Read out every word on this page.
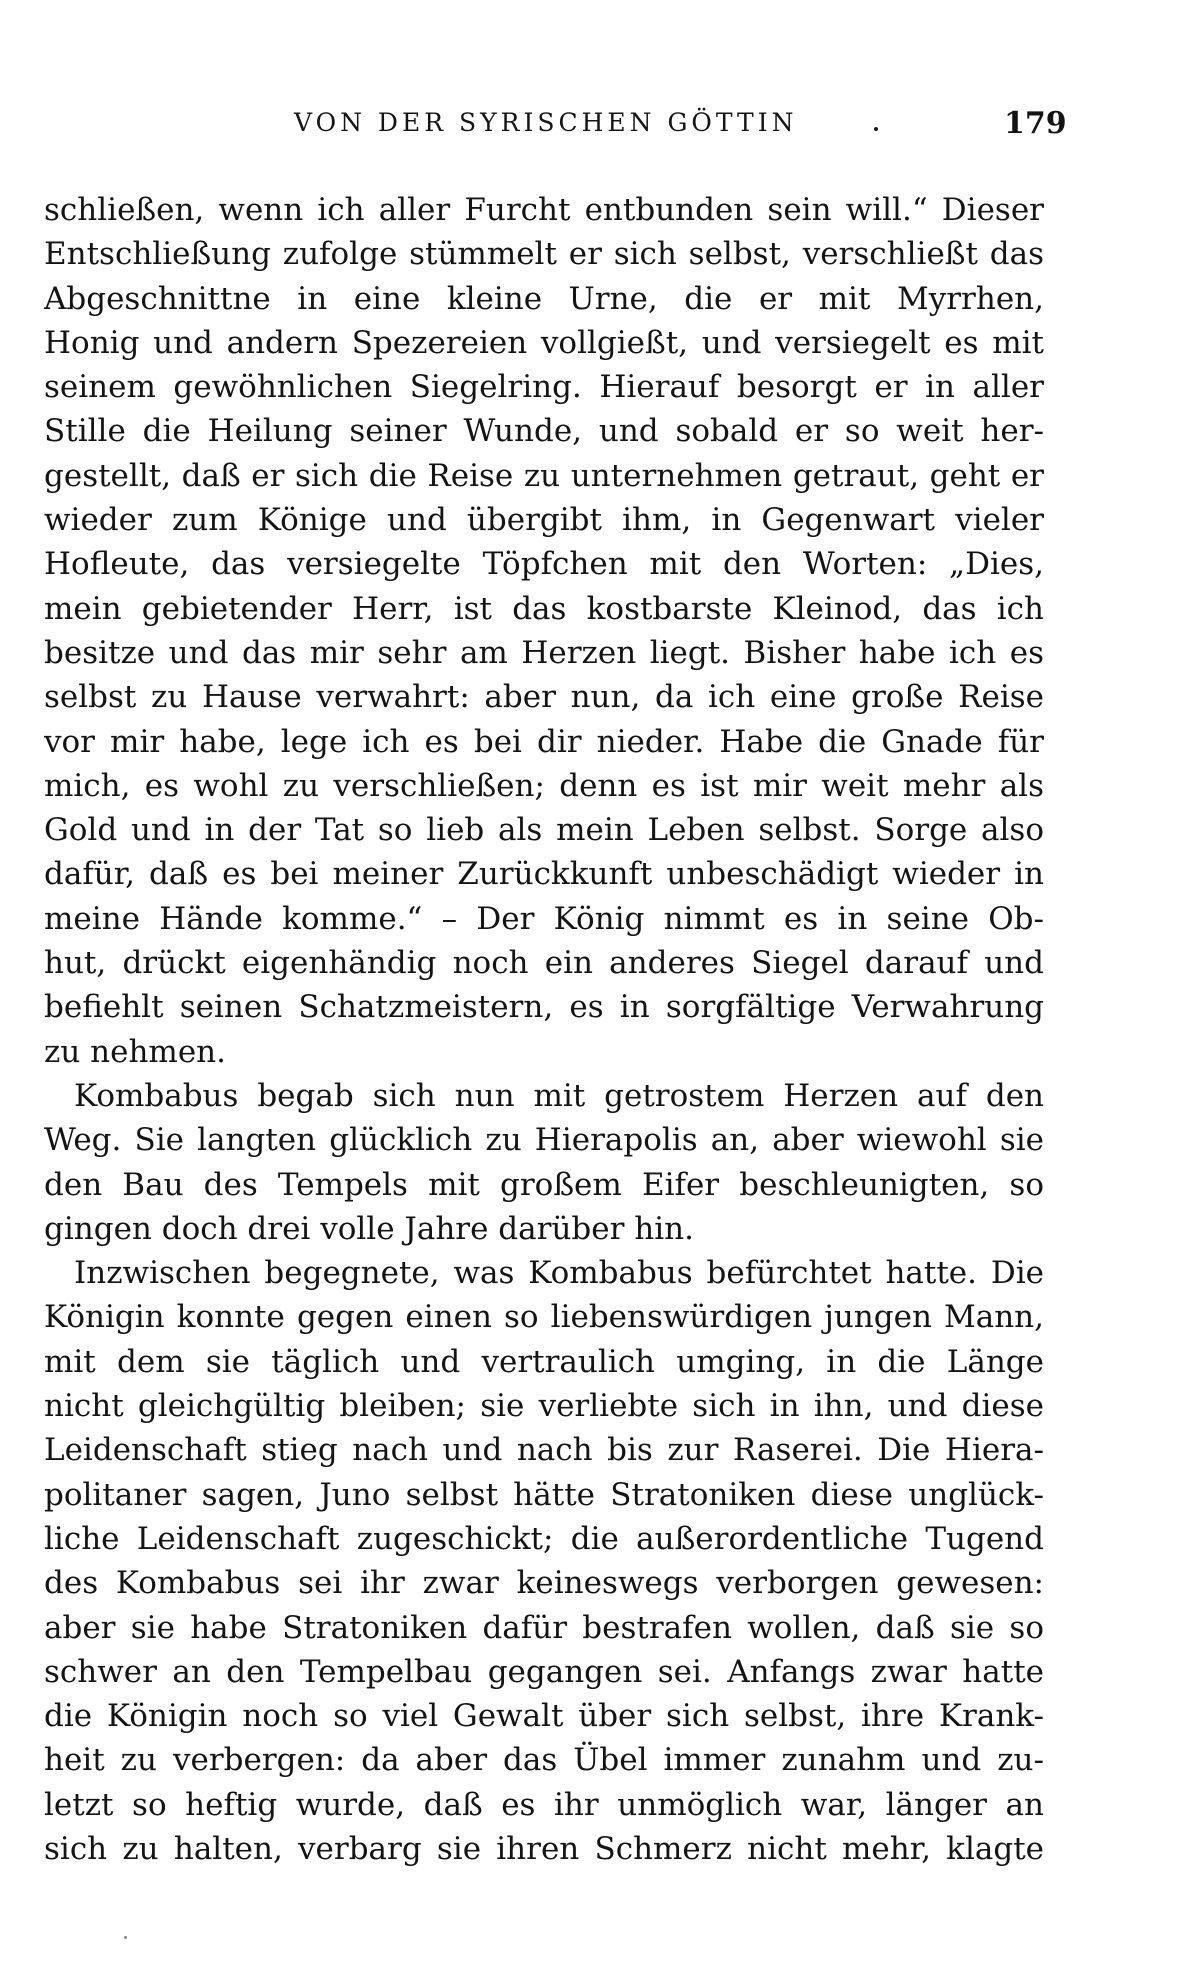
VON DER SYRISCHEN GÖTTIN	179
schließen, wenn ich aller Furcht entbunden sein will.“ Dieser
Entschließung zufolge stümmelt er sich selbst, verschließt das
Abgeschnittne in eine kleine Urne, die er mit Myrrhen,
Honig und andern Spezereien vollgießt, und versiegelt es mit
seinem gewöhnlichen Siegelring. Hierauf besorgt er in aller
Stille die Heilung seiner Wunde, und sobald er so weit her-
gestellt, daß er sich die Reise zu unternehmen getraut, geht er
wieder zum Könige und übergibt ihm, in Gegenwart vieler
Hofleute, das versiegelte Töpfchen mit den Worten: „Dies,
mein gebietender Herr, ist das kostbarste Kleinod, das ich
besitze und das mir sehr am Herzen liegt. Bisher habe ich es
selbst zu Hause verwahrt: aber nun, da ich eine große Reise
vor mir habe, lege ich es bei dir nieder. Habe die Gnade für
mich, es wohl zu verschließen; denn es ist mir weit mehr als
Gold und in der Tat so lieb als mein Leben selbst. Sorge also
dafür, daß es bei meiner Zurückkunft unbeschädigt wieder in
meine Hände komme.“ – Der König nimmt es in seine Ob-
hut, drückt eigenhändig noch ein anderes Siegel darauf und
befiehlt seinen Schatzmeistern, es in sorgfältige Verwahrung
zu nehmen.
Kombabus begab sich nun mit getrostem Herzen auf den
Weg. Sie langten glücklich zu Hierapolis an, aber wiewohl sie
den Bau des Tempels mit großem Eifer beschleunigten, so
gingen doch drei volle Jahre darüber hin.
Inzwischen begegnete, was Kombabus befürchtet hatte. Die
Königin konnte gegen einen so liebenswürdigen jungen Mann,
mit dem sie täglich und vertraulich umging, in die Länge
nicht gleichgültig bleiben; sie verliebte sich in ihn, und diese
Leidenschaft stieg nach und nach bis zur Raserei. Die Hiera-
politaner sagen, Juno selbst hätte Stratoniken diese unglück-
liche Leidenschaft zugeschickt; die außerordentliche Tugend
des Kombabus sei ihr zwar keineswegs verborgen gewesen:
aber sie habe Stratoniken dafür bestrafen wollen, daß sie so
schwer an den Tempelbau gegangen sei. Anfangs zwar hatte
die Königin noch so viel Gewalt über sich selbst, ihre Krank-
heit zu verbergen: da aber das Übel immer zunahm und zu-
letzt so heftig wurde, daß es ihr unmöglich war, länger an
sich zu halten, verbarg sie ihren Schmerz nicht mehr, klagte
